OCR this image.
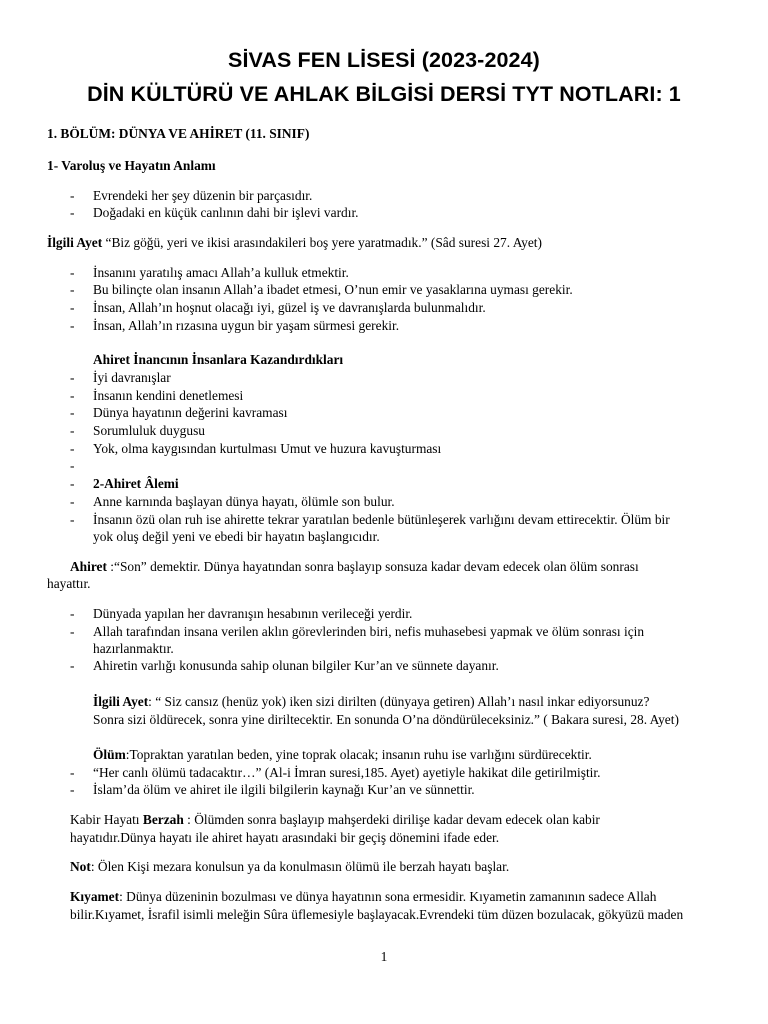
SİVAS FEN LİSESİ (2023-2024)
DİN KÜLTÜRÜ VE AHLAK BİLGİSİ DERSİ TYT NOTLARI: 1
1. BÖLÜM: DÜNYA VE AHİRET (11. SINIF)
1- Varoluş ve Hayatın Anlamı
- Evrendeki her şey düzenin bir parçasıdır.
- Doğadaki en küçük canlının dahi bir işlevi vardır.
İlgili Ayet “Biz göğü, yeri ve ikisi arasındakileri boş yere yaratmadık.” (Sâd suresi 27. Ayet)
- İnsanını yaratılış amacı Allah’a kulluk etmektir.
- Bu bilinçte olan insanın Allah’a ibadet etmesi, O’nun emir ve yasaklarına uyması gerekir.
- İnsan, Allah’ın hoşnut olacağı iyi, güzel iş ve davranışlarda bulunmalıdır.
- İnsan, Allah’ın rızasına uygun bir yaşam sürmesi gerekir.
Ahiret İnancının İnsanlara Kazandırdıkları
- İyi davranışlar
- İnsanın kendini denetlemesi
- Dünya hayatının değerini kavraması
- Sorumluluk duygusu
- Yok, olma kaygısından kurtulması Umut ve huzura kavuşturması
-
- 2-Ahiret Âlemi
- Anne karnında başlayan dünya hayatı, ölümle son bulur.
- İnsanın özü olan ruh ise ahirette tekrar yaratılan bedenle bütünleşerek varlığını devam ettirecektir. Ölüm bir
yok oluş değil yeni ve ebedi bir hayatın başlangıcıdır.
Ahiret :“Son” demektir. Dünya hayatından sonra başlayıp sonsuza kadar devam edecek olan ölüm sonrası
hayattır.
- Dünyada yapılan her davranışın hesabının verileceği yerdir.
- Allah tarafından insana verilen aklın görevlerinden biri, nefis muhasebesi yapmak ve ölüm sonrası için
hazırlanmaktır.
- Ahiretin varlığı konusunda sahip olunan bilgiler Kur’an ve sünnete dayanır.
İlgili Ayet: “ Siz cansız (henüz yok) iken sizi dirilten (dünyaya getiren) Allah’ı nasıl inkar ediyorsunuz?
Sonra sizi öldürecek, sonra yine diriltecektir. En sonunda O’na döndürüleceksiniz.” ( Bakara suresi, 28. Ayet)
Ölüm:Topraktan yaratılan beden, yine toprak olacak; insanın ruhu ise varlığını sürdürecektir.
- “Her canlı ölümü tadacaktır…” (Al-i İmran suresi,185. Ayet) ayetiyle hakikat dile getirilmiştir.
- İslam’da ölüm ve ahiret ile ilgili bilgilerin kaynağı Kur’an ve sünnettir.
Kabir Hayatı Berzah : Ölümden sonra başlayıp mahşerdeki dirilişe kadar devam edecek olan kabir
hayatıdır.Dünya hayatı ile ahiret hayatı arasındaki bir geçiş dönemini ifade eder.
Not: Ölen Kişi mezara konulsun ya da konulmasın ölümü ile berzah hayatı başlar.
Kıyamet: Dünya düzeninin bozulması ve dünya hayatının sona ermesidir. Kıyametin zamanının sadece Allah
bilir.Kıyamet, İsrafil isimli meleğin Sûra üflemesiyle başlayacak.Evrendeki tüm düzen bozulacak, gökyüzü maden
1
